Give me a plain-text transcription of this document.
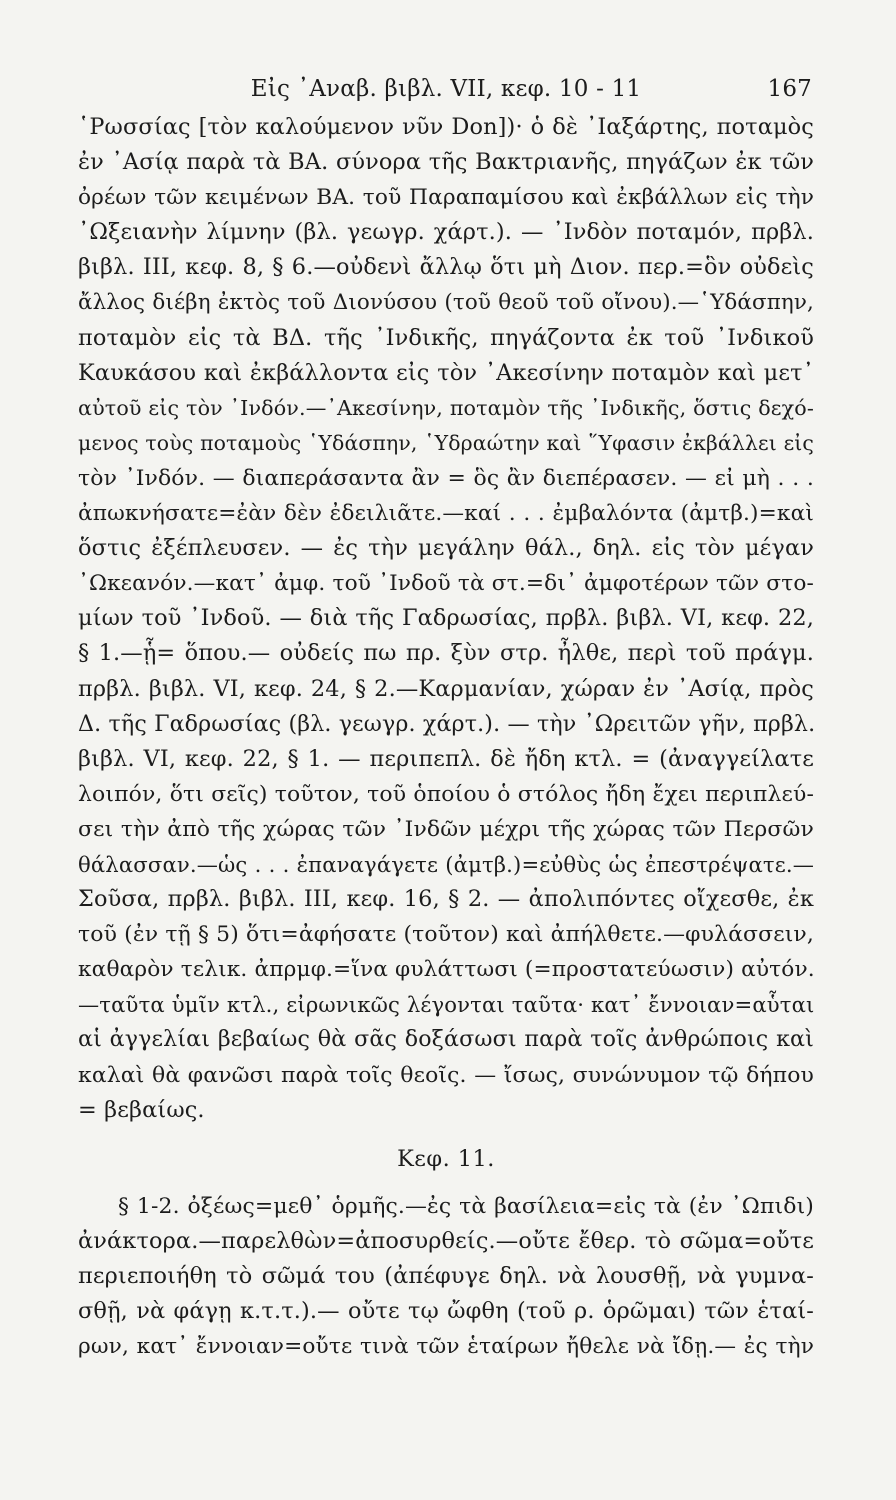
Εἰς ᾿Αναβ. βιβλ. VII, κεφ. 10 - 11	167
῾Ρωσσίας [τὸν καλούμενον νῦν Don])· ὁ δὲ ᾿Ιαξάρτης, ποταμὸς
ἐν ᾿Ασίᾳ παρὰ τὰ ΒΑ. σύνορα τῆς Βακτριανῆς, πηγάζων ἐκ τῶν
ὀρέων τῶν κειμένων ΒΑ. τοῦ Παραπαμίσου καὶ ἐκβάλλων εἰς τὴν
᾿Ωξειανὴν λίμνην (βλ. γεωγρ. χάρτ.). — ᾿Ινδὸν ποταμόν, πρβλ.
βιβλ. III, κεφ. 8, § 6.—οὐδενὶ ἄλλῳ ὅτι μὴ Διον. περ.=ὃν οὐδεὶς
ἄλλος διέβη ἐκτὸς τοῦ Διονύσου (τοῦ θεοῦ τοῦ οἴνου).—῾Υδάσπην,
ποταμὸν εἰς τὰ ΒΔ. τῆς ᾿Ινδικῆς, πηγάζοντα ἐκ τοῦ ᾿Ινδικοῦ
Καυκάσου καὶ ἐκβάλλοντα εἰς τὸν ᾿Ακεσίνην ποταμὸν καὶ μετ᾿
αὐτοῦ εἰς τὸν ᾿Ινδόν.—᾿Ακεσίνην, ποταμὸν τῆς ᾿Ινδικῆς, ὅστις δεχό-
μενος τοὺς ποταμοὺς ῾Υδάσπην, ῾Υδραώτην καὶ ῞Υφασιν ἐκβάλλει εἰς
τὸν ᾿Ινδόν. — διαπεράσαντα ἂν = ὃς ἂν διεπέρασεν. — εἰ μὴ . . .
ἀπωκνήσατε=ἐὰν δὲν ἐδειλιᾶτε.—καί . . . ἐμβαλόντα (ἀμτβ.)=καὶ
ὅστις ἐξέπλευσεν. — ἐς τὴν μεγάλην θάλ., δηλ. εἰς τὸν μέγαν
᾿Ωκεανόν.—κατ᾿ ἀμφ. τοῦ ᾿Ινδοῦ τὰ στ.=δι᾿ ἀμφοτέρων τῶν στο-
μίων τοῦ ᾿Ινδοῦ. — διὰ τῆς Γαδρωσίας, πρβλ. βιβλ. VI, κεφ. 22,
§ 1.—ᾗ= ὅπου.— οὐδείς πω πρ. ξὺν στρ. ἦλθε, περὶ τοῦ πράγμ.
πρβλ. βιβλ. VI, κεφ. 24, § 2.—Καρμανίαν, χώραν ἐν ᾿Ασίᾳ, πρὸς
Δ. τῆς Γαδρωσίας (βλ. γεωγρ. χάρτ.). — τὴν ᾿Ωρειτῶν γῆν, πρβλ.
βιβλ. VI, κεφ. 22, § 1. — περιπεπλ. δὲ ἤδη κτλ. = (ἀναγγείλατε
λοιπόν, ὅτι σεῖς) τοῦτον, τοῦ ὁποίου ὁ στόλος ἤδη ἔχει περιπλεύ-
σει τὴν ἀπὸ τῆς χώρας τῶν ᾿Ινδῶν μέχρι τῆς χώρας τῶν Περσῶν
θάλασσαν.—ὡς . . . ἐπαναγάγετε (ἀμτβ.)=εὐθὺς ὡς ἐπεστρέψατε.—
Σοῦσα, πρβλ. βιβλ. III, κεφ. 16, § 2. — ἀπολιπόντες οἴχεσθε, ἐκ
τοῦ (ἐν τῇ § 5) ὅτι=ἀφήσατε (τοῦτον) καὶ ἀπήλθετε.—φυλάσσειν,
καθαρὸν τελικ. ἀπρμφ.=ἵνα φυλάττωσι (=προστατεύωσιν) αὐτόν.
—ταῦτα ὑμῖν κτλ., εἰρωνικῶς λέγονται ταῦτα· κατ᾿ ἔννοιαν=αὗται
αἱ ἀγγελίαι βεβαίως θὰ σᾶς δοξάσωσι παρὰ τοῖς ἀνθρώποις καὶ
καλαὶ θὰ φανῶσι παρὰ τοῖς θεοῖς. — ἴσως, συνώνυμον τῷ δήπου
= βεβαίως.
Κεφ. 11.
§ 1-2. ὀξέως=μεθ᾿ ὁρμῆς.—ἐς τὰ βασίλεια=εἰς τὰ (ἐν ᾿Ωπιδι)
ἀνάκτορα.—παρελθὼν=ἀποσυρθείς.—οὔτε ἔθερ. τὸ σῶμα=οὔτε
περιεποιήθη τὸ σῶμά του (ἀπέφυγε δηλ. νὰ λουσθῇ, νὰ γυμνα-
σθῇ, νὰ φάγῃ κ.τ.τ.).— οὔτε τῳ ὤφθη (τοῦ ρ. ὁρῶμαι) τῶν ἑταί-
ρων, κατ᾿ ἔννοιαν=οὔτε τινὰ τῶν ἑταίρων ἤθελε νὰ ἴδῃ.— ἐς τὴν
